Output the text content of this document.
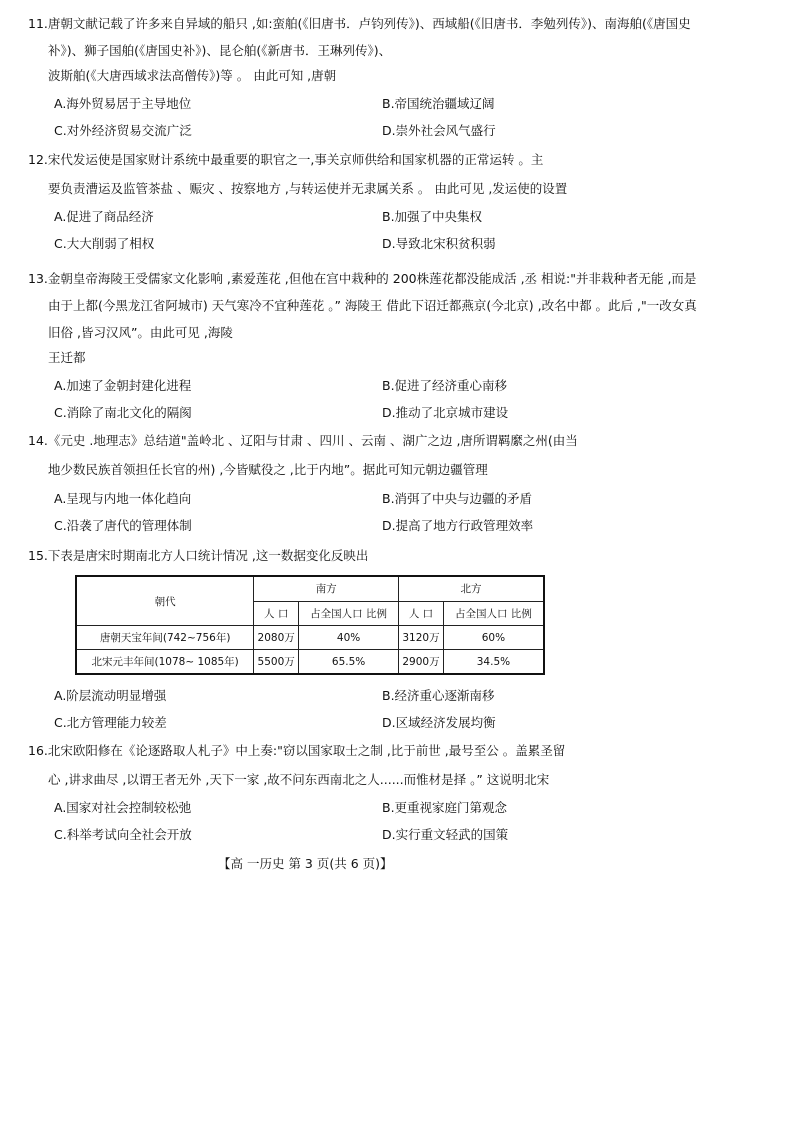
11.唐朝文献记载了许多来自异域的船只 ,如:蛮舶(《旧唐书．卢钧列传》)、西域船(《旧唐书．李勉列传》)、南海舶(《唐国史
补》)、狮子国舶(《唐国史补》)、昆仑舶(《新唐书．王琳列传》)、
波斯舶(《大唐西域求法高僧传》)等 。 由此可知 ,唐朝
A.海外贸易居于主导地位	B.帝国统治疆域辽阔
C.对外经济贸易交流广泛	D.崇外社会风气盛行
12.宋代发运使是国家财计系统中最重要的职官之一,事关京师供给和国家机器的正常运转 。主
要负责漕运及监管茶盐 、赈灾 、按察地方 ,与转运使并无隶属关系 。 由此可见 ,发运使的设置
A.促进了商品经济	B.加强了中央集权
C.大大削弱了相权	D.导致北宋积贫积弱
13.金朝皇帝海陵王受儒家文化影响 ,素爱莲花 ,但他在宫中栽种的 200株莲花都没能成活 ,丞 相说:"并非栽种者无能 ,而是
由于上都(今黑龙江省阿城市) 天气寒冷不宜种莲花 。” 海陵王 借此下诏迁都燕京(今北京) ,改名中都 。此后 ,"一改女真
旧俗 ,皆习汉风”。由此可见 ,海陵
王迁都
A.加速了金朝封建化进程	B.促进了经济重心南移
C.消除了南北文化的隔阂	D.推动了北京城市建设
14.《元史 .地理志》总结道"盖岭北 、辽阳与甘肃 、四川 、云南 、湖广之边 ,唐所谓羁縻之州(由当
地少数民族首领担任长官的州) ,今皆赋役之 ,比于内地”。据此可知元朝边疆管理
A.呈现与内地一体化趋向	B.消弭了中央与边疆的矛盾
C.沿袭了唐代的管理体制	D.提高了地方行政管理效率
15.下表是唐宋时期南北方人口统计情况 ,这一数据变化反映出
朝代	南方		北方	
	人 口	占全国人口 比例	人 口	占全国人口 比例
唐朝天宝年间(742~756年)	2080万	40%	3120万	60%
北宋元丰年间(1078~ 1085年)	5500万	65.5%	2900万	34.5%
A.阶层流动明显增强	B.经济重心逐渐南移
C.北方管理能力较差	D.区域经济发展均衡
16.北宋欧阳修在《论逐路取人札子》中上奏:"窃以国家取士之制 ,比于前世 ,最号至公 。盖累圣留
心 ,讲求曲尽 ,以谓王者无外 ,天下一家 ,故不问东西南北之人......而惟材是择 。” 这说明北宋
A.国家对社会控制较松弛	B.更重视家庭门第观念
C.科举考试向全社会开放	D.实行重文轻武的国策
【高 一历史 第 3 页(共 6 页)】
